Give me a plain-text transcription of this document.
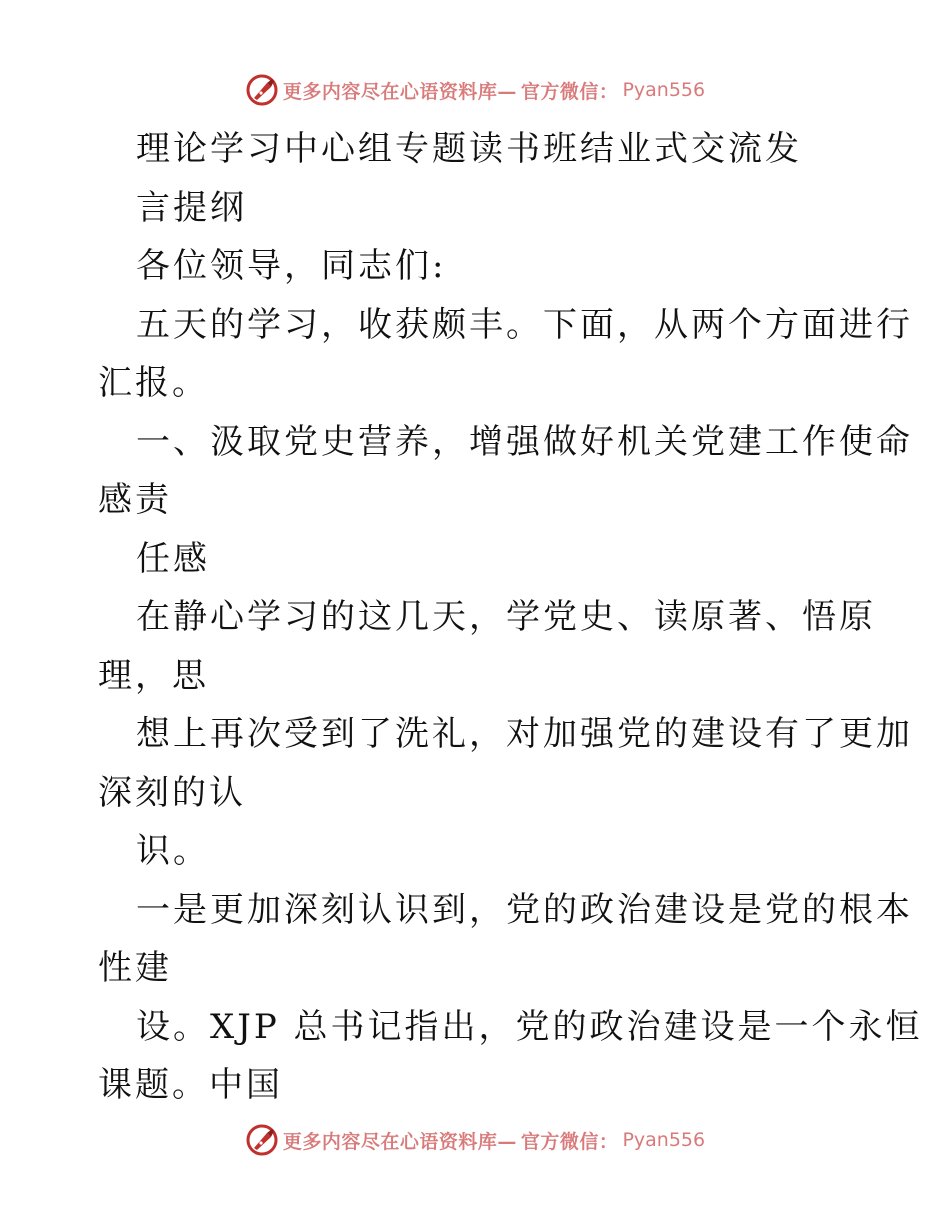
更多内容尽在心语资料库— 官方微信： Pyan556
理论学习中心组专题读书班结业式交流发
言提纲
各位领导，同志们:
五天的学习，收获颇丰。下面，从两个方面进行
汇报。
一、汲取党史营养，增强做好机关党建工作使命
感责
任感
在静心学习的这几天，学党史、读原著、悟原
理，思
想上再次受到了洗礼，对加强党的建设有了更加
深刻的认
识。
一是更加深刻认识到，党的政治建设是党的根本
性建
设。XJP 总书记指出，党的政治建设是一个永恒
课题。中国
更多内容尽在心语资料库— 官方微信： Pyan556
